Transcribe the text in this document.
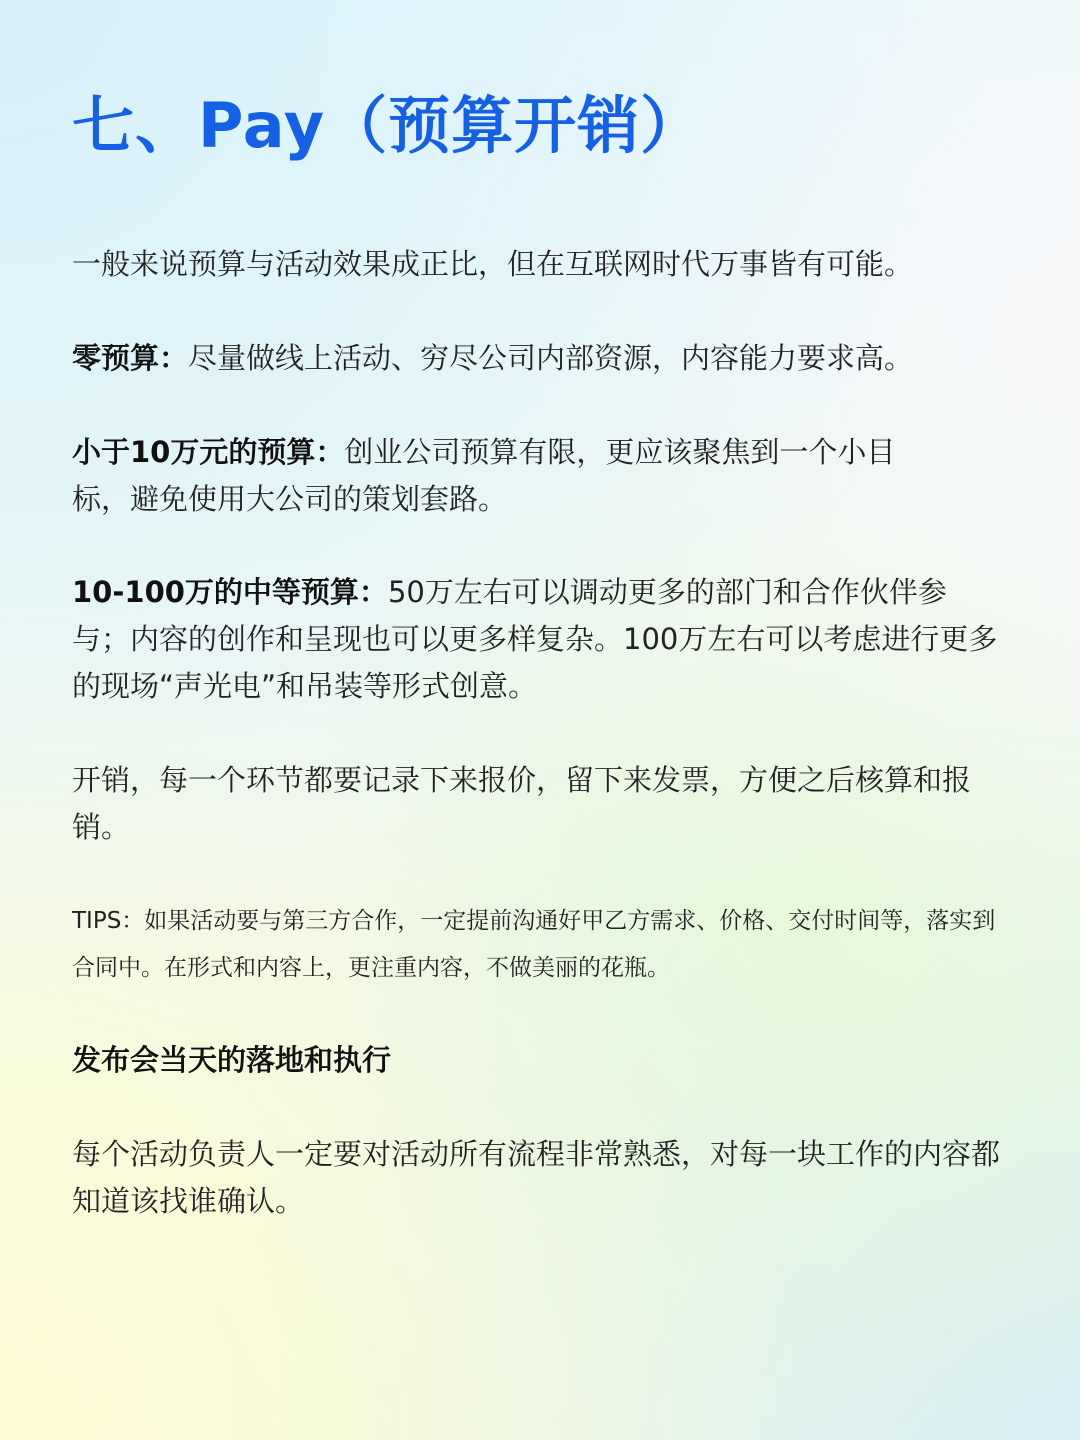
七、Pay（预算开销）

一般来说预算与活动效果成正比，但在互联网时代万事皆有可能。

零预算：尽量做线上活动、穷尽公司内部资源，内容能力要求高。

小于10万元的预算：创业公司预算有限，更应该聚焦到一个小目标，避免使用大公司的策划套路。

10-100万的中等预算：50万左右可以调动更多的部门和合作伙伴参与；内容的创作和呈现也可以更多样复杂。100万左右可以考虑进行更多的现场“声光电”和吊装等形式创意。

开销，每一个环节都要记录下来报价，留下来发票，方便之后核算和报销。

TIPS：如果活动要与第三方合作，一定提前沟通好甲乙方需求、价格、交付时间等，落实到合同中。在形式和内容上，更注重内容，不做美丽的花瓶。

发布会当天的落地和执行

每个活动负责人一定要对活动所有流程非常熟悉，对每一块工作的内容都知道该找谁确认。
